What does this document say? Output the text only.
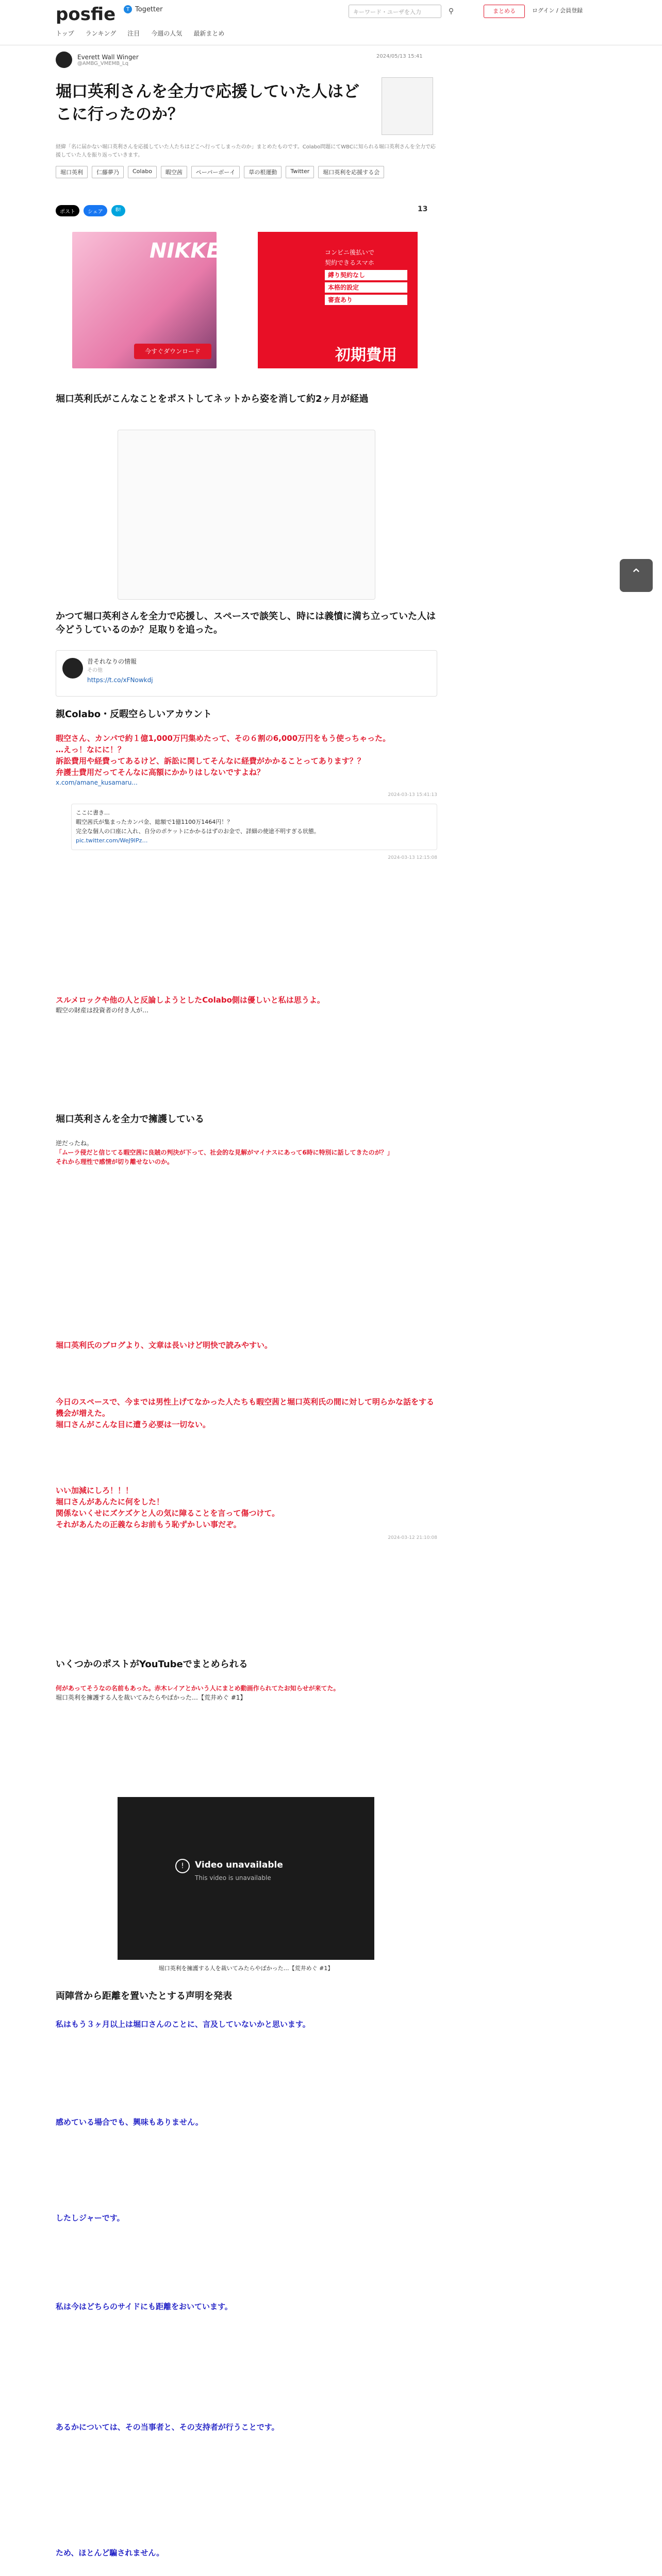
posfie	T Togetter	キーワード・ユーザを入力	⚲	まとめる	ログイン / 会員登録
トップ ランキング 注目 今週の人気 最新まとめ
Everett Wall Winger
@AMBG_VMEMB_Lq
2024/05/13 15:41
堀口英利さんを全力で応援していた人はどこに行ったのか？
経緯「名に届かない堀口英利さんを応援していた人たちはどこへ行ってしまったのか」まとめたものです。Colabo問題にてWBCに知られる堀口英利さんを全力で応援していた人を振り返っていきます。
堀口英利	仁藤夢乃	Colabo	暇空茜	ペーパーボーイ	草の根運動	Twitter	堀口英利を応援する会
ポスト	シェア	B!	13
NIKKE
今すぐダウンロード
コンビニ後払いで
契約できるスマホ
縛り契約なし
本格的設定
審査あり
初期費用 ¥2〜
堀口英利氏がこんなことをポストしてネットから姿を消して約2ヶ月が経過
かつて堀口英利さんを全力で応援し、スペースで談笑し、時には義憤に満ち立っていた人は今どうしているのか？足取りを追った。
昔それなりの情報
その他
https://t.co/xFNowkdj
親Colabo・反暇空らしいアカウント
暇空さん、カンパで約１億1,000万円集めたって、その６割の6,000万円をもう使っちゃった。
…えっ！なにに！？
訴訟費用や経費ってあるけど、訴訟に関してそんなに経費がかかることってあります？？
弁護士費用だってそんなに高額にかかりはしないですよね？
x.com/amane_kusamaru...
2024-03-13 15:41:13
ここに書き…
暇空茜氏が集まったカンパ金、総額で1億1100万1464円！？
完全な個人の口座に入れ、自分のポケットにかかるはずのお金で、詳細の使途不明すぎる状態。
pic.twitter.com/WeJ9IPz…
2024-03-13 12:15:08
スルメロックや他の人と反論しようとしたColabo側は優しいと私は思うよ。
暇空の財産は投資者の付き人が…
堀口英利さんを全力で擁護している
逆だったね。
「ムーラ侵だと信じてる暇空茜に良賊の判決が下って、社会的な見解がマイナスにあって6時に特別に話してきたのが？」
それから理性で感情が切り離せないのか。
堀口英利氏のブログより、文章は長いけど明快で読みやすい。
今日のスペースで、今までは男性上げてなかった人たちも暇空茜と堀口英利氏の間に対して明らかな話をする機会が増えた。
堀口さんがこんな目に遭う必要は一切ない。
いい加減にしろ！！！
堀口さんがあんたに何をした！
関係ないくせにズケズケと人の気に障ることを言って傷つけて。
それがあんたの正義ならお前もう恥ずかしい事だぞ。
2024-03-12 21:10:08
いくつかのポストがYouTubeでまとめられる
何があってそうなの名前もあった。赤木レイアとかいう人にまとめ動画作られてたお知らせが来てた。
堀口英利を擁護する人を裁いてみたらやばかった…【荒井めぐ #1】
!	Video unavailable
This video is unavailable
堀口英利を擁護する人を裁いてみたらやばかった…【荒井めぐ #1】
両陣営から距離を置いたとする声明を発表
私はもう３ヶ月以上は堀口さんのことに、言及していないかと思います。
感めている場合でも、興味もありません。
したしジャーです。
私は今はどちらのサイドにも距離をおいています。
あるかについては、その当事者と、その支持者が行うことです。
ため、ほとんど騙されません。
⌃
